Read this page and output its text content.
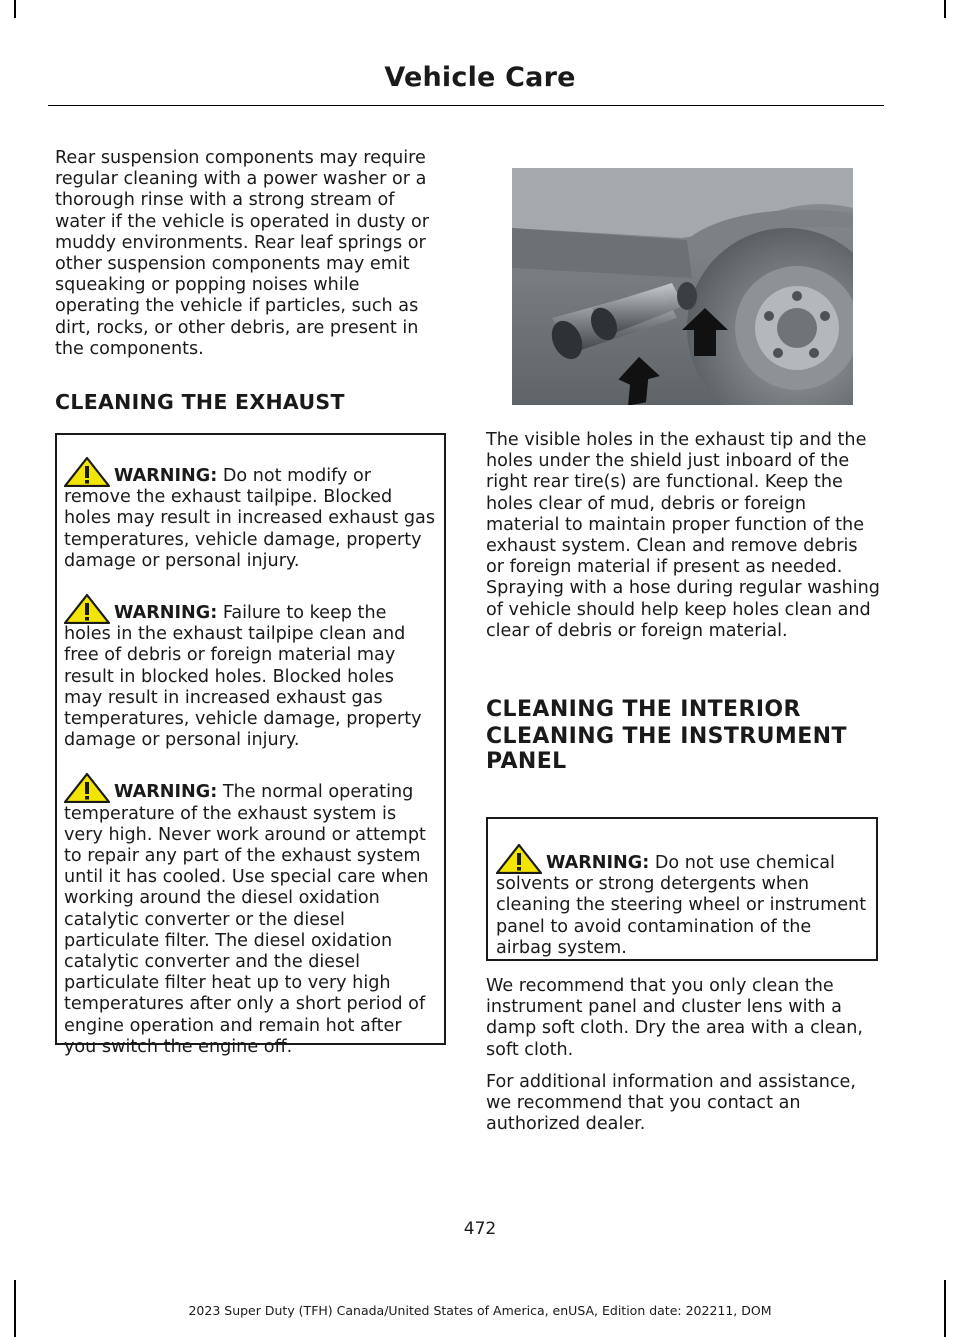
Vehicle Care

Rear suspension components may require regular cleaning with a power washer or a thorough rinse with a strong stream of water if the vehicle is operated in dusty or muddy environments. Rear leaf springs or other suspension components may emit squeaking or popping noises while operating the vehicle if particles, such as dirt, rocks, or other debris, are present in the components.

CLEANING THE EXHAUST

WARNING: Do not modify or remove the exhaust tailpipe. Blocked holes may result in increased exhaust gas temperatures, vehicle damage, property damage or personal injury.

WARNING: Failure to keep the holes in the exhaust tailpipe clean and free of debris or foreign material may result in blocked holes. Blocked holes may result in increased exhaust gas temperatures, vehicle damage, property damage or personal injury.

WARNING: The normal operating temperature of the exhaust system is very high. Never work around or attempt to repair any part of the exhaust system until it has cooled. Use special care when working around the diesel oxidation catalytic converter or the diesel particulate filter. The diesel oxidation catalytic converter and the diesel particulate filter heat up to very high temperatures after only a short period of engine operation and remain hot after you switch the engine off.

The visible holes in the exhaust tip and the holes under the shield just inboard of the right rear tire(s) are functional. Keep the holes clear of mud, debris or foreign material to maintain proper function of the exhaust system. Clean and remove debris or foreign material if present as needed. Spraying with a hose during regular washing of vehicle should help keep holes clean and clear of debris or foreign material.

CLEANING THE INTERIOR
CLEANING THE INSTRUMENT PANEL

WARNING: Do not use chemical solvents or strong detergents when cleaning the steering wheel or instrument panel to avoid contamination of the airbag system.

We recommend that you only clean the instrument panel and cluster lens with a damp soft cloth. Dry the area with a clean, soft cloth.

For additional information and assistance, we recommend that you contact an authorized dealer.

472
2023 Super Duty (TFH) Canada/United States of America, enUSA, Edition date: 202211, DOM
